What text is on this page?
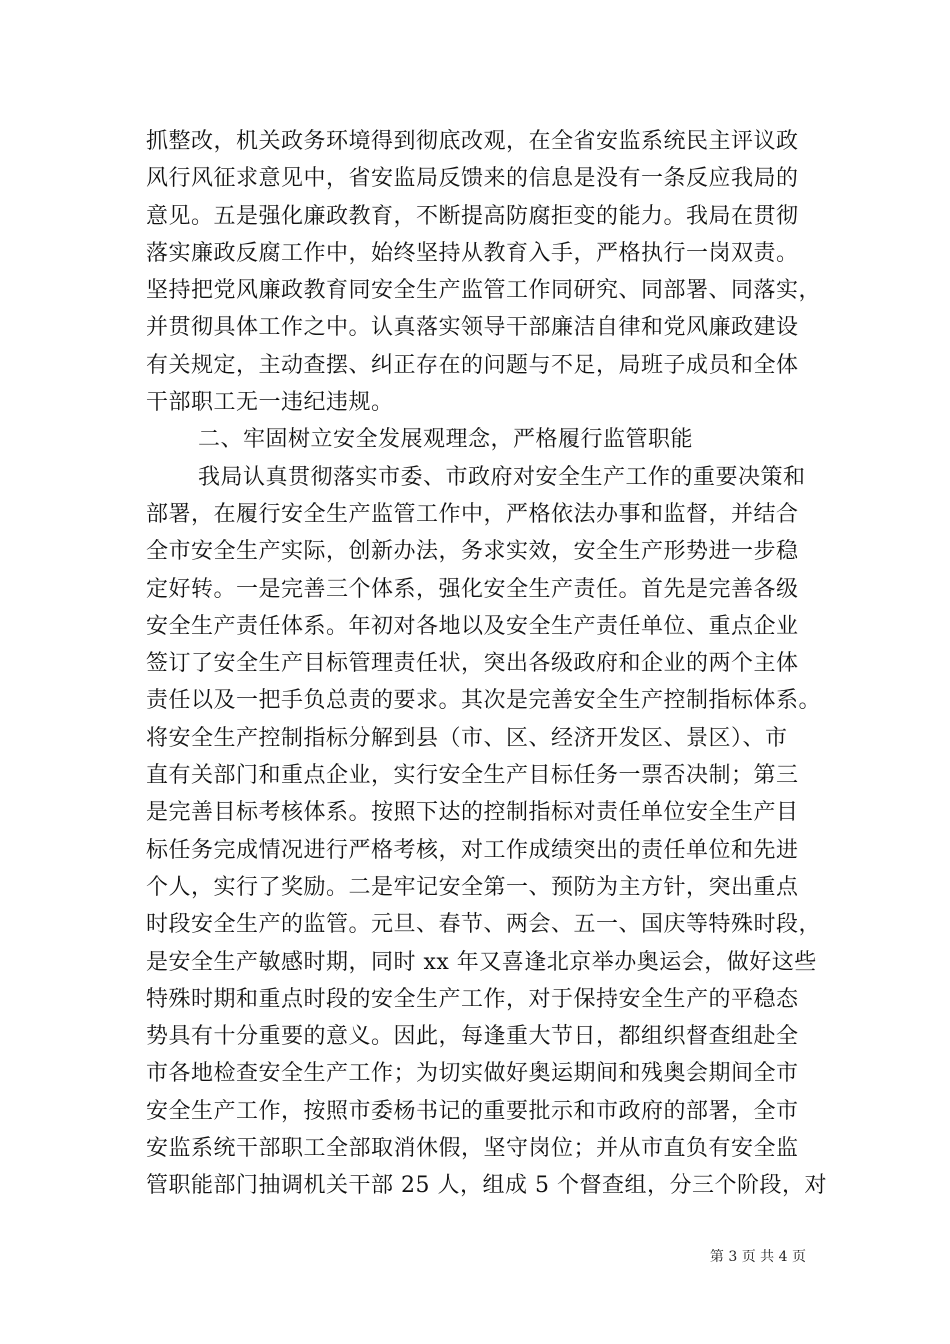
抓整改，机关政务环境得到彻底改观，在全省安监系统民主评议政
风行风征求意见中，省安监局反馈来的信息是没有一条反应我局的
意见。五是强化廉政教育，不断提高防腐拒变的能力。我局在贯彻
落实廉政反腐工作中，始终坚持从教育入手，严格执行一岗双责。
坚持把党风廉政教育同安全生产监管工作同研究、同部署、同落实，
并贯彻具体工作之中。认真落实领导干部廉洁自律和党风廉政建设
有关规定，主动查摆、纠正存在的问题与不足，局班子成员和全体
干部职工无一违纪违规。
二、牢固树立安全发展观理念，严格履行监管职能
我局认真贯彻落实市委、市政府对安全生产工作的重要决策和
部署，在履行安全生产监管工作中，严格依法办事和监督，并结合
全市安全生产实际，创新办法，务求实效，安全生产形势进一步稳
定好转。一是完善三个体系，强化安全生产责任。首先是完善各级
安全生产责任体系。年初对各地以及安全生产责任单位、重点企业
签订了安全生产目标管理责任状，突出各级政府和企业的两个主体
责任以及一把手负总责的要求。其次是完善安全生产控制指标体系。
将安全生产控制指标分解到县（市、区、经济开发区、景区）、市
直有关部门和重点企业，实行安全生产目标任务一票否决制；第三
是完善目标考核体系。按照下达的控制指标对责任单位安全生产目
标任务完成情况进行严格考核，对工作成绩突出的责任单位和先进
个人，实行了奖励。二是牢记安全第一、预防为主方针，突出重点
时段安全生产的监管。元旦、春节、两会、五一、国庆等特殊时段，
是安全生产敏感时期，同时 xx 年又喜逢北京举办奥运会，做好这些
特殊时期和重点时段的安全生产工作，对于保持安全生产的平稳态
势具有十分重要的意义。因此，每逢重大节日，都组织督查组赴全
市各地检查安全生产工作；为切实做好奥运期间和残奥会期间全市
安全生产工作，按照市委杨书记的重要批示和市政府的部署，全市
安监系统干部职工全部取消休假，坚守岗位；并从市直负有安全监
管职能部门抽调机关干部 25 人，组成 5 个督查组，分三个阶段，对
第 3 页 共 4 页
